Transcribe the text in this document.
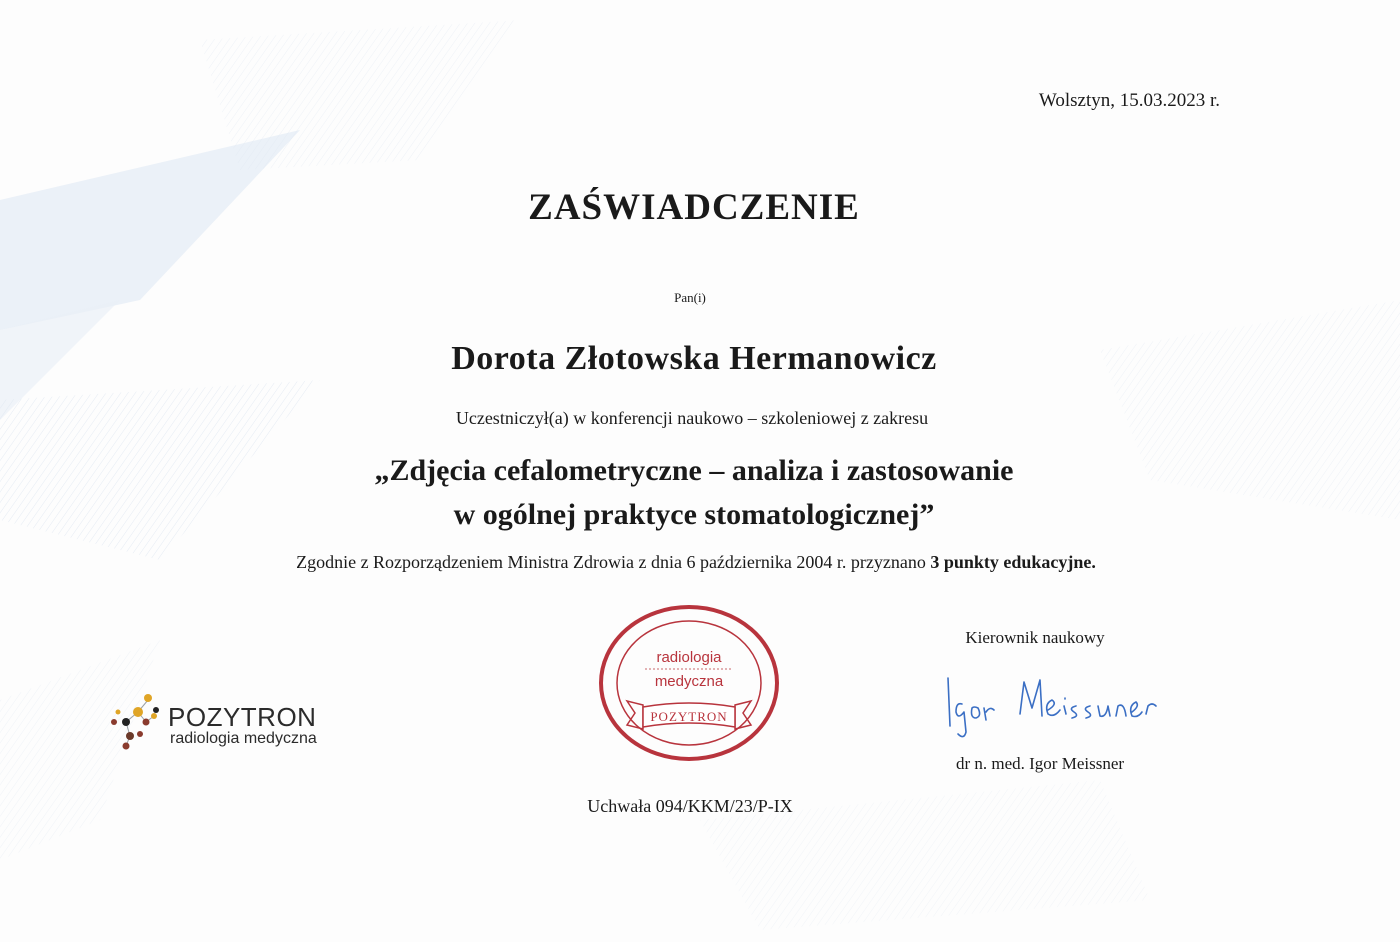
Wolsztyn, 15.03.2023 r.
ZAŚWIADCZENIE
Pan(i)
Dorota Złotowska Hermanowicz
Uczestniczył(a) w konferencji naukowo – szkoleniowej z zakresu
„Zdjęcia cefalometryczne – analiza i zastosowanie
w ogólnej praktyce stomatologicznej”
Zgodnie z Rozporządzeniem Ministra Zdrowia z dnia 6 października 2004 r. przyznano 3 punkty edukacyjne.
POZYTRON
radiologia medyczna
radiologia
medyczna
POZYTRON
Uchwała 094/KKM/23/P-IX
Kierownik naukowy
dr n. med. Igor Meissner
